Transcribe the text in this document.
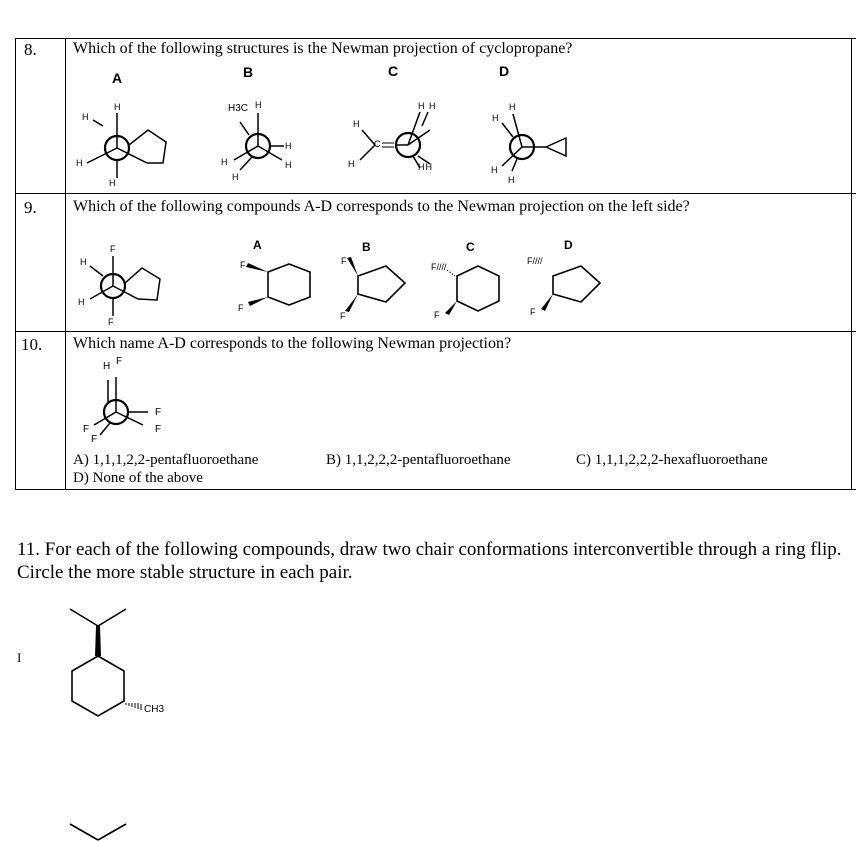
8. Which of the following structures is the Newman projection of cyclopropane?
A	B	C	D
H
H
H
H
H3C H
H
H	H
H
H
H H
C
H	HH
H
H
H
H
9. Which of the following compounds A-D corresponds to the Newman projection on the left side?
F
H
H
F
A	B	C	D
F
F
F
F
F////
F
F////
F
10. Which name A-D corresponds to the following Newman projection?
H F
F
F	F
F
A) 1,1,1,2,2-pentafluoroethane	B) 1,1,2,2,2-pentafluoroethane	C) 1,1,1,2,2,2-hexafluoroethane
D) None of the above
11. For each of the following compounds, draw two chair conformations interconvertible through a ring flip. Circle the more stable structure in each pair.
I
CH3
